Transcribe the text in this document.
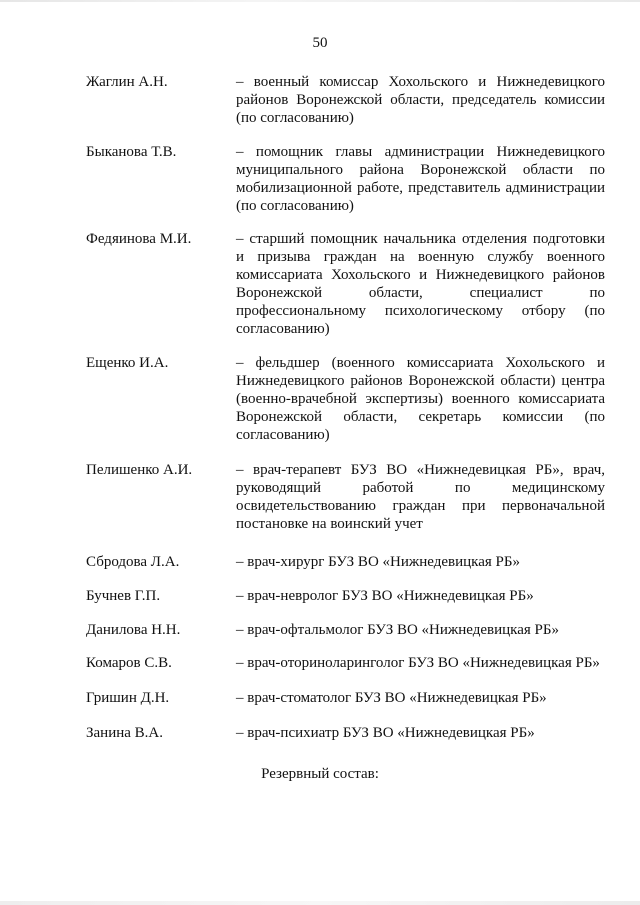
50
Жаглин А.Н.	– военный комиссар Хохольского и Нижнедевицкого районов Воронежской области, председатель комиссии (по согласованию)
Быканова Т.В.	– помощник главы администрации Нижнедевицкого муниципального района Воронежской области по мобилизационной работе, представитель администрации (по согласованию)
Федяинова М.И.	– старший помощник начальника отделения подготовки и призыва граждан на военную службу военного комиссариата Хохольского и Нижнедевицкого районов Воронежской области, специалист по профессиональному психологическому отбору (по согласованию)
Ещенко И.А.	– фельдшер (военного комиссариата Хохольского и Нижнедевицкого районов Воронежской области) центра (военно-врачебной экспертизы) военного комиссариата Воронежской области, секретарь комиссии (по согласованию)
Пелишенко А.И.	– врач-терапевт БУЗ ВО «Нижнедевицкая РБ», врач, руководящий работой по медицинскому освидетельствованию граждан при первоначальной постановке на воинский учет
Сбродова Л.А.	– врач-хирург БУЗ ВО «Нижнедевицкая РБ»
Бучнев Г.П.	– врач-невролог БУЗ ВО «Нижнедевицкая РБ»
Данилова Н.Н.	– врач-офтальмолог БУЗ ВО «Нижнедевицкая РБ»
Комаров С.В.	– врач-оториноларинголог БУЗ ВО «Нижнедевицкая РБ»
Гришин Д.Н.	– врач-стоматолог БУЗ ВО «Нижнедевицкая РБ»
Занина В.А.	– врач-психиатр БУЗ ВО «Нижнедевицкая РБ»
Резервный состав:
